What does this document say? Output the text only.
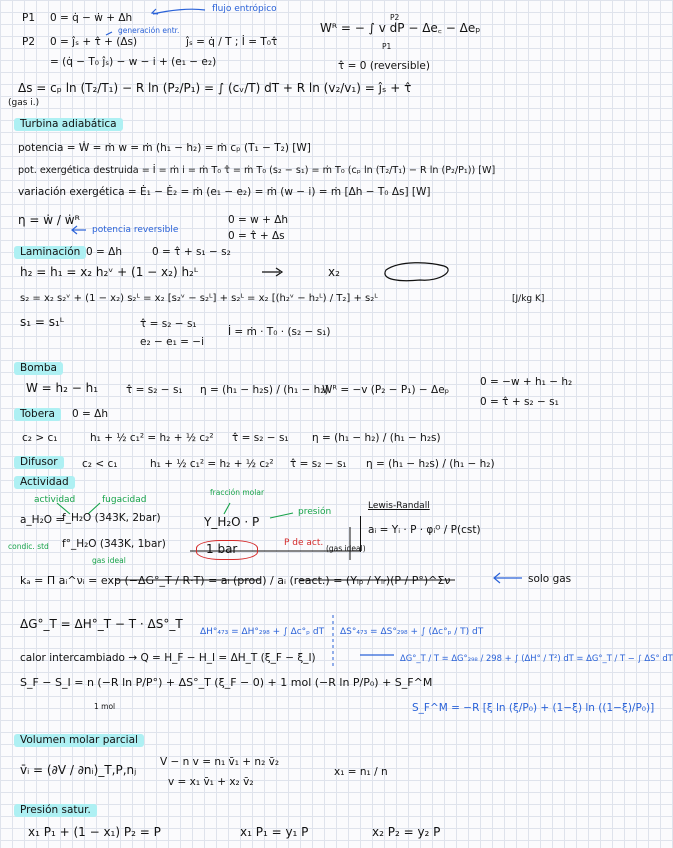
P1 0 = q̇ − ẇ + Δh
flujo entrópico
P2 0 = ĵₛ + τ̂ + (Δs)
generación entr.
ĵₛ = q̇ / T ; İ = T₀τ̂
= (q̇ − T₀ ĵₛ) − w − i + (e₁ − e₂)
Wᴿ = − ∫ v dP − Δe꜀ − Δeₚ
P2
P1
τ̂ = 0 (reversible)
Δs = cₚ ln (T₂/T₁) − R ln (P₂/P₁) = ∫ (cᵥ/T) dT + R ln (v₂/v₁) = ĵₛ + τ̂
(gas i.)
Turbina adiabática
potencia = Ẇ = ṁ w = ṁ (h₁ − h₂) = ṁ cₚ (T₁ − T₂) [W]
pot. exergética destruida = İ = ṁ i = ṁ T₀ τ̂ = ṁ T₀ (s₂ − s₁) = ṁ T₀ (cₚ ln (T₂/T₁) − R ln (P₂/P₁)) [W]
variación exergética = Ė₁ − Ė₂ = ṁ (e₁ − e₂) = ṁ (w − i) = ṁ [Δh − T₀ Δs] [W]
η = ẇ / ẇᴿ
potencia reversible
0 = w + Δh
0 = τ̂ + Δs
Laminación 0 = Δh	0 = τ̂ + s₁ − s₂
h₂ = h₁ = x₂ h₂ᵛ + (1 − x₂) h₂ᴸ	x₂
s₂ = x₂ s₂ᵛ + (1 − x₂) s₂ᴸ = x₂ [s₂ᵛ − s₂ᴸ] + s₂ᴸ = x₂ [(h₂ᵛ − h₂ᴸ) / T₂] + s₂ᴸ	[J/kg K]
s₁ = s₁ᴸ	τ̂ = s₂ − s₁
e₂ − e₁ = −i
İ = ṁ · T₀ · (s₂ − s₁)
Bomba
W = h₂ − h₁	τ̂ = s₂ − s₁ η = (h₁ − h₂s) / (h₁ − h₂)
Wᴿ = −v (P₂ − P₁) − Δeₚ
0 = −w + h₁ − h₂
0 = τ̂ + s₂ − s₁
Tobera	0 = Δh
c₂ > c₁	h₁ + ½ c₁² = h₂ + ½ c₂² τ̂ = s₂ − s₁ η = (h₁ − h₂) / (h₁ − h₂s)
Difusor	c₂ < c₁	h₁ + ½ c₁² = h₂ + ½ c₂² τ̂ = s₂ − s₁ η = (h₁ − h₂s) / (h₁ − h₂)
Actividad
actividad	fugacidad
fracción molar
presión
a_H₂O =
f_H₂O (343K, 2bar)
condic. std f°_H₂O (343K, 1bar)
gas ideal
Y_H₂O · P
1 bar	P de act.
(gas ideal)
Lewis-Randall
aᵢ = Yᵢ · P · φᵢᴼ / P(cst)
kₐ = Π aᵢ^νᵢ = exp (−ΔG°_T / R·T) = aᵢ (prod) / aᵢ (react.) = (Yᵢₚ / Yᵢᵣ)(P / P°)^Σν	solo gas
ΔG°_T = ΔH°_T − T · ΔS°_T
ΔH°₄₇₃ = ΔH°₂₉₈ + ∫ Δc°ₚ dT ΔS°₄₇₃ = ΔS°₂₉₈ + ∫ (Δc°ₚ / T) dT
calor intercambiado → Q = H_F − H_I = ΔH_T (ξ_F − ξ_I)	ΔG°_T / T = ΔG°₂₉₈ / 298 + ∫ (ΔH° / T²) dT = ΔG°_T / T − ∫ ΔS° dT
S_F − S_I = n (−R ln P/P°) + ΔS°_T (ξ_F − 0) + 1 mol (−R ln P/P₀) + S_F^M
1 mol	S_F^M = −R [ξ ln (ξ/P₀) + (1−ξ) ln ((1−ξ)/P₀)]
Volumen molar parcial
v̄ᵢ = (∂V / ∂nᵢ)_T,P,nⱼ
V − n v = n₁ v̄₁ + n₂ v̄₂
v = x₁ v̄₁ + x₂ v̄₂
x₁ = n₁ / n
Presión satur.
x₁ P₁ + (1 − x₁) P₂ = P	x₁ P₁ = y₁ P	x₂ P₂ = y₂ P
